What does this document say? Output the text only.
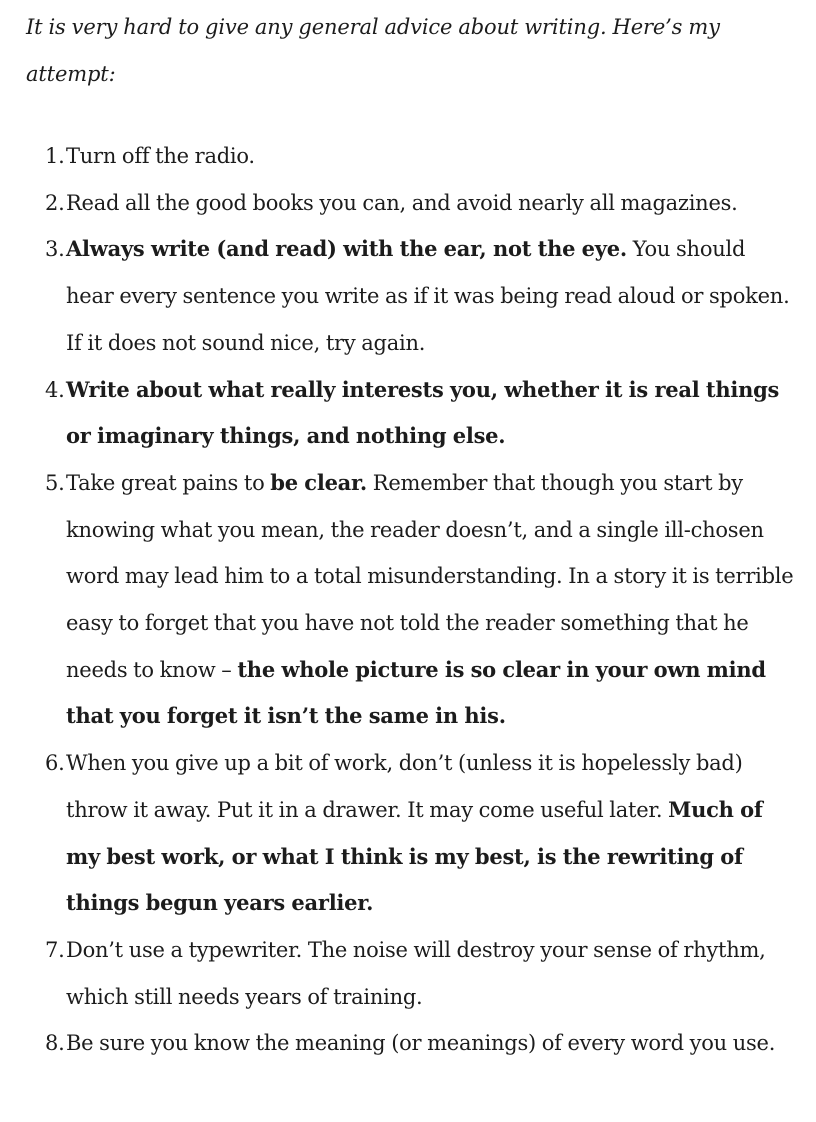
It is very hard to give any general advice about writing. Here’s my attempt:

1. Turn off the radio.
2. Read all the good books you can, and avoid nearly all magazines.
3. Always write (and read) with the ear, not the eye. You should hear every sentence you write as if it was being read aloud or spoken. If it does not sound nice, try again.
4. Write about what really interests you, whether it is real things or imaginary things, and nothing else.
5. Take great pains to be clear. Remember that though you start by knowing what you mean, the reader doesn’t, and a single ill-chosen word may lead him to a total misunderstanding. In a story it is terrible easy to forget that you have not told the reader something that he needs to know – the whole picture is so clear in your own mind that you forget it isn’t the same in his.
6. When you give up a bit of work, don’t (unless it is hopelessly bad) throw it away. Put it in a drawer. It may come useful later. Much of my best work, or what I think is my best, is the rewriting of things begun years earlier.
7. Don’t use a typewriter. The noise will destroy your sense of rhythm, which still needs years of training.
8. Be sure you know the meaning (or meanings) of every word you use.
